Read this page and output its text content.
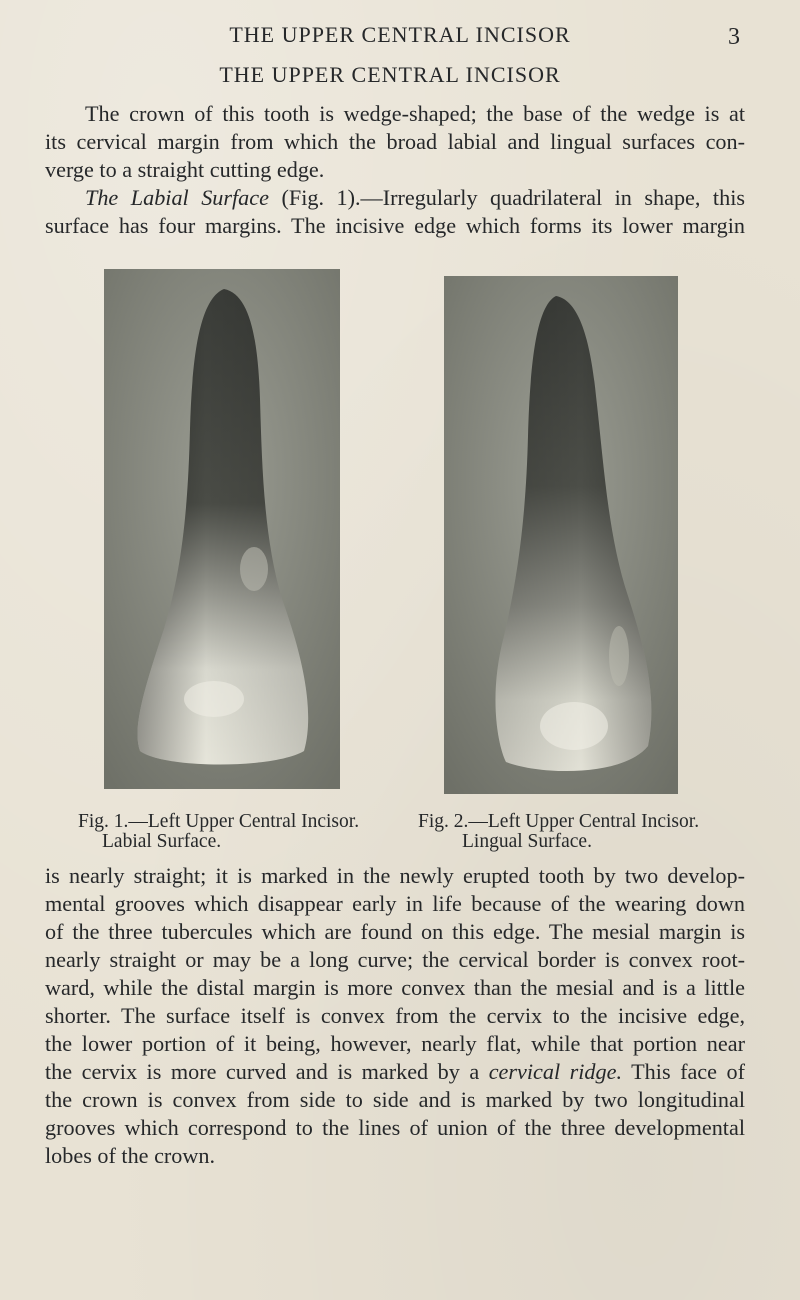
THE UPPER CENTRAL INCISOR	3
THE UPPER CENTRAL INCISOR

The crown of this tooth is wedge-shaped; the base of the wedge is at
its cervical margin from which the broad labial and lingual surfaces con-
verge to a straight cutting edge.
The Labial Surface (Fig. 1).—Irregularly quadrilateral in shape, this
surface has four margins. The incisive edge which forms its lower margin

Fig. 1.—Left Upper Central Incisor.
Labial Surface.
Fig. 2.—Left Upper Central Incisor.
Lingual Surface.

is nearly straight; it is marked in the newly erupted tooth by two develop-
mental grooves which disappear early in life because of the wearing down
of the three tubercules which are found on this edge. The mesial margin is
nearly straight or may be a long curve; the cervical border is convex root-
ward, while the distal margin is more convex than the mesial and is a little
shorter. The surface itself is convex from the cervix to the incisive edge,
the lower portion of it being, however, nearly flat, while that portion near
the cervix is more curved and is marked by a cervical ridge. This face of
the crown is convex from side to side and is marked by two longitudinal
grooves which correspond to the lines of union of the three developmental
lobes of the crown.
